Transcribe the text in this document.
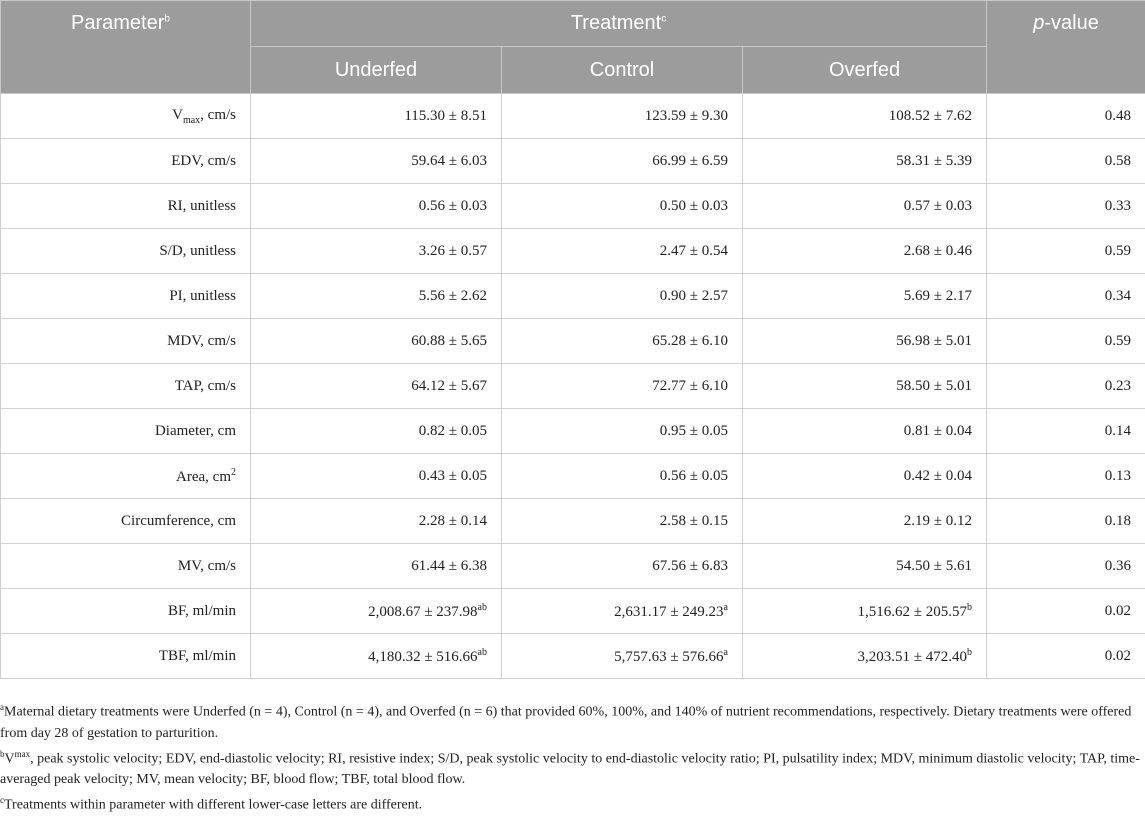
Parameter$^b$	Treatment$^c$			p-value
	Underfed	Control	Overfed	
$V_{max}$, cm/s	115.30 ± 8.51	123.59 ± 9.30	108.52 ± 7.62	0.48
EDV, cm/s	59.64 ± 6.03	66.99 ± 6.59	58.31 ± 5.39	0.58
RI, unitless	0.56 ± 0.03	0.50 ± 0.03	0.57 ± 0.03	0.33
S/D, unitless	3.26 ± 0.57	2.47 ± 0.54	2.68 ± 0.46	0.59
PI, unitless	5.56 ± 2.62	0.90 ± 2.57	5.69 ± 2.17	0.34
MDV, cm/s	60.88 ± 5.65	65.28 ± 6.10	56.98 ± 5.01	0.59
TAP, cm/s	64.12 ± 5.67	72.77 ± 6.10	58.50 ± 5.01	0.23
Diameter, cm	0.82 ± 0.05	0.95 ± 0.05	0.81 ± 0.04	0.14
Area, $cm^2$	0.43 ± 0.05	0.56 ± 0.05	0.42 ± 0.04	0.13
Circumference, cm	2.28 ± 0.14	2.58 ± 0.15	2.19 ± 0.12	0.18
MV, cm/s	61.44 ± 6.38	67.56 ± 6.83	54.50 ± 5.61	0.36
BF, ml/min	2,008.67 ± 237.98$^{ab}$	2,631.17 ± 249.23$^a$	1,516.62 ± 205.57$^b$	0.02
TBF, ml/min	4,180.32 ± 516.66$^{ab}$	5,757.63 ± 576.66$^a$	3,203.51 ± 472.40$^b$	0.02

$^a$Maternal dietary treatments were Underfed (n = 4), Control (n = 4), and Overfed (n = 6) that provided 60%, 100%, and 140% of nutrient recommendations, respectively. Dietary treatments were offered from day 28 of gestation to parturition.

$^bV^{max}$, peak systolic velocity; EDV, end-diastolic velocity; RI, resistive index; S/D, peak systolic velocity to end-diastolic velocity ratio; PI, pulsatility index; MDV, minimum diastolic velocity; TAP, time-averaged peak velocity; MV, mean velocity; BF, blood flow; TBF, total blood flow.

$^c$Treatments within parameter with different lower-case letters are different.
